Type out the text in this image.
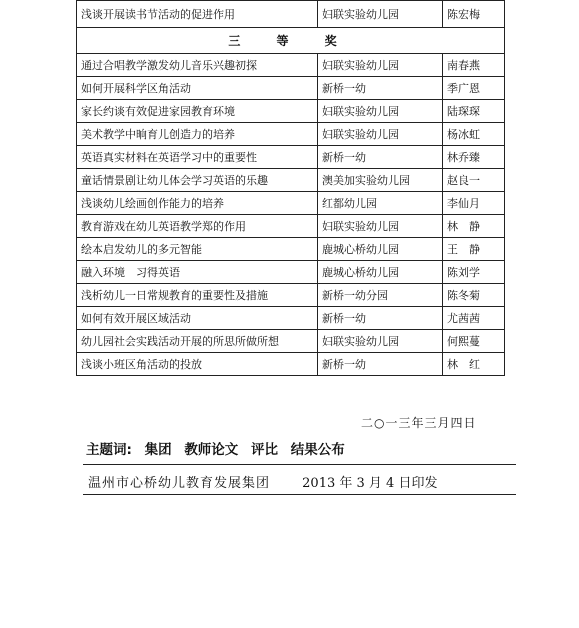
浅谈开展读书节活动的促进作用	妇联实验幼儿园	陈宏梅
三 等 奖		
通过合唱教学激发幼儿音乐兴趣初探	妇联实验幼儿园	南春燕
如何开展科学区角活动	新桥一幼	季广恩
家长约谈有效促进家园教育环境	妇联实验幼儿园	陆琛琛
美术教学中晌育儿创造力的培养	妇联实验幼儿园	杨冰虹
英语真实材料在英语学习中的重要性	新桥一幼	林乔臻
童话情景剧让幼儿体会学习英语的乐趣	澳美加实验幼儿园	赵良一
浅谈幼儿绘画创作能力的培养	红都幼儿园	李仙月
教育游戏在幼儿英语教学郑的作用	妇联实验幼儿园	林　静
绘本启发幼儿的多元智能	鹿城心桥幼儿园	王　静
融入环境　习得英语	鹿城心桥幼儿园	陈刘学
浅析幼儿一日常规教育的重要性及措施	新桥一幼分园	陈冬菊
如何有效开展区域活动	新桥一幼	尤茜茜
幼儿园社会实践活动开展的所思所做所想	妇联实验幼儿园	何熙蔓
浅谈小班区角活动的投放	新桥一幼	林　红
二○一三年三月四日
主题词: 集团 教师论文 评比 结果公布
温州市心桥幼儿教育发展集团 2013 年 3 月 4 日印发
